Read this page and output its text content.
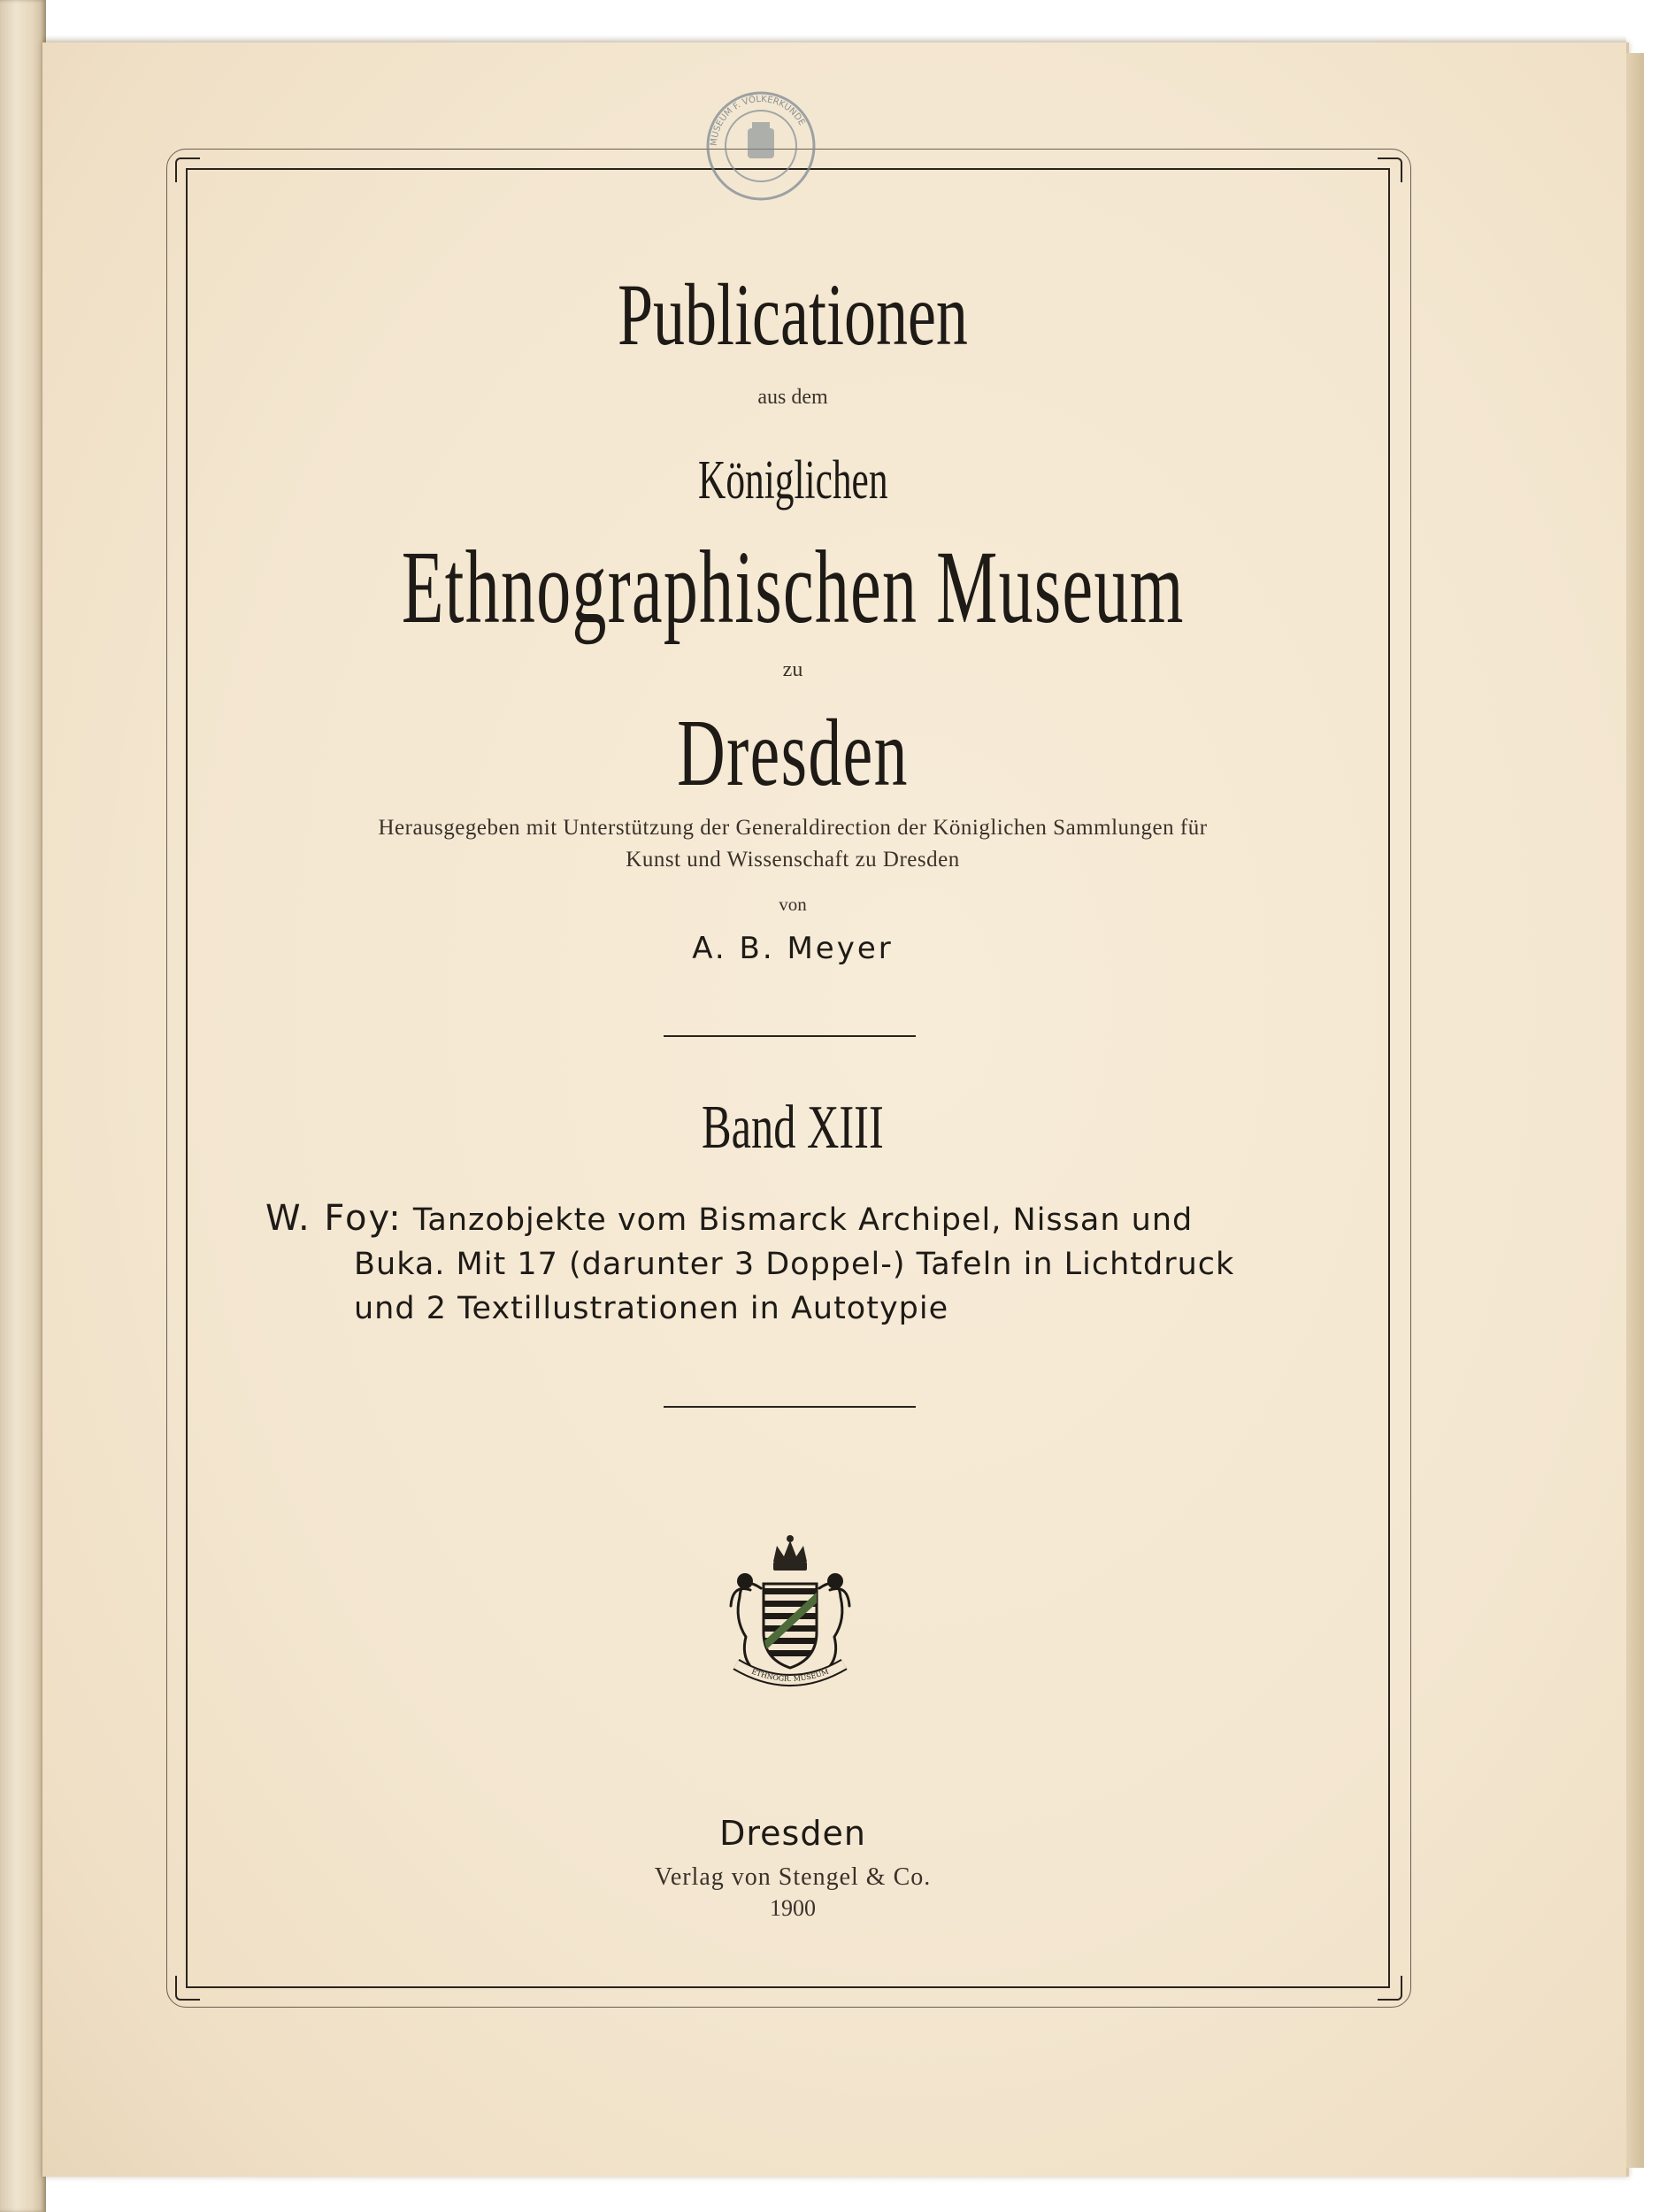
MUSEUM F. VÖLKERKUNDE
Publicationen
aus dem
Königlichen
Ethnographischen Museum
zu
Dresden
Herausgegeben mit Unterstützung der Generaldirection der Königlichen Sammlungen für
Kunst und Wissenschaft zu Dresden
von
A. B. Meyer
Band XIII
W. Foy: Tanzobjekte vom Bismarck Archipel, Nissan und
Buka. Mit 17 (darunter 3 Doppel-) Tafeln in Lichtdruck
und 2 Textillustrationen in Autotypie
ETHNOGR. MUSEUM
Dresden
Verlag von Stengel & Co.
1900
